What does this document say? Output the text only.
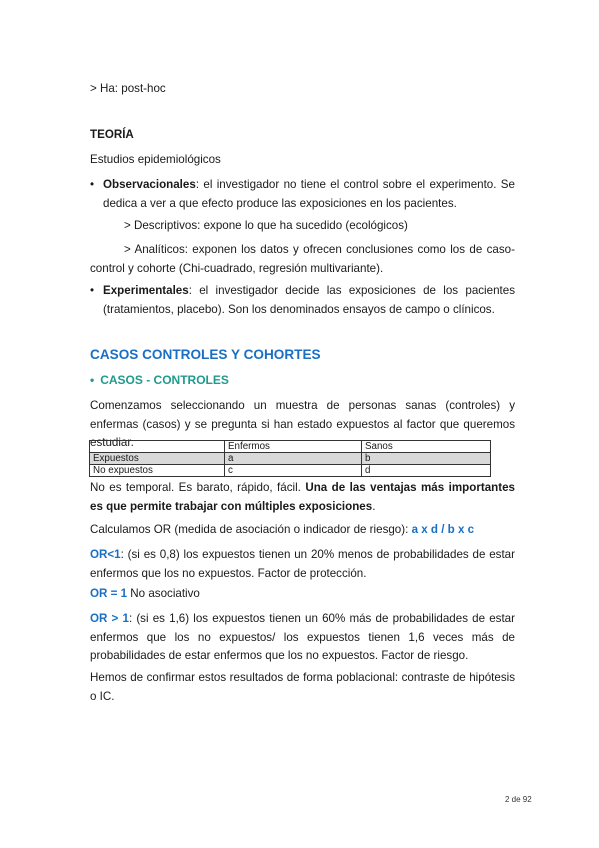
> Ha: post-hoc

TEORÍA

Estudios epidemiológicos

• Observacionales: el investigador no tiene el control sobre el experimento. Se dedica a ver a que efecto produce las exposiciones en los pacientes.

> Descriptivos: expone lo que ha sucedido (ecológicos)

> Analíticos: exponen los datos y ofrecen conclusiones como los de caso-control y cohorte (Chi-cuadrado, regresión multivariante).

• Experimentales: el investigador decide las exposiciones de los pacientes (tratamientos, placebo). Son los denominados ensayos de campo o clínicos.
CASOS CONTROLES Y COHORTES
• CASOS - CONTROLES

Comenzamos seleccionando un muestra de personas sanas (controles) y enfermas (casos) y se pregunta si han estado expuestos al factor que queremos estudiar.

		Enfermos	Sanos
Expuestos	a	b
No expuestos	c	d

No es temporal. Es barato, rápido, fácil. Una de las ventajas más importantes es que permite trabajar con múltiples exposiciones.

Calculamos OR (medida de asociación o indicador de riesgo): a x d / b x c

OR<1: (si es 0,8) los expuestos tienen un 20% menos de probabilidades de estar enfermos que los no expuestos. Factor de protección.

OR = 1 No asociativo

OR > 1: (si es 1,6) los expuestos tienen un 60% más de probabilidades de estar enfermos que los no expuestos/ los expuestos tienen 1,6 veces más de probabilidades de estar enfermos que los no expuestos. Factor de riesgo.

Hemos de confirmar estos resultados de forma poblacional: contraste de hipótesis o IC.

2 de 92
